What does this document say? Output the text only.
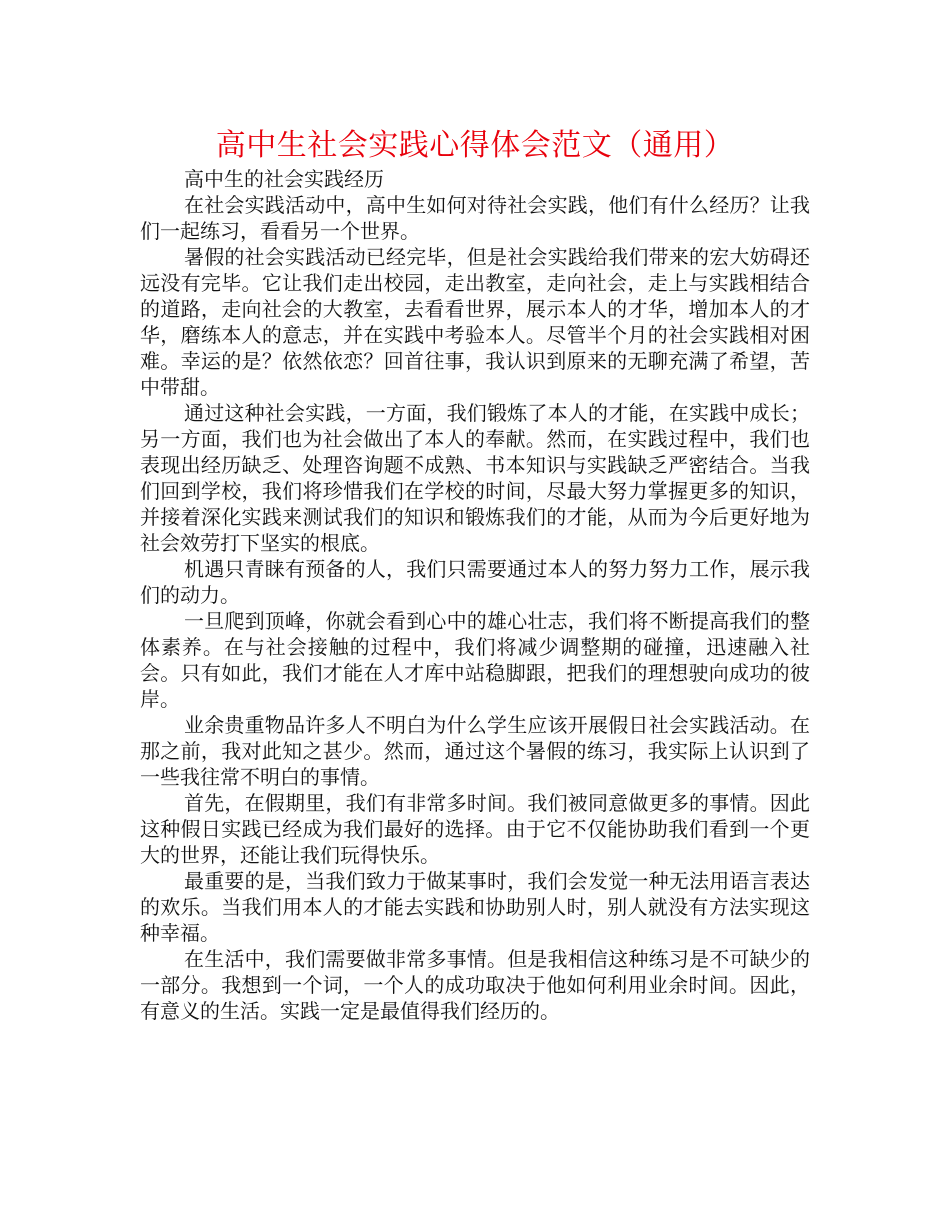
高中生社会实践心得体会范文（通用）

高中生的社会实践经历

在社会实践活动中，高中生如何对待社会实践，他们有什么经历？让我们一起练习，看看另一个世界。

暑假的社会实践活动已经完毕，但是社会实践给我们带来的宏大妨碍还远没有完毕。它让我们走出校园，走出教室，走向社会，走上与实践相结合的道路，走向社会的大教室，去看看世界，展示本人的才华，增加本人的才华，磨练本人的意志，并在实践中考验本人。尽管半个月的社会实践相对困难。幸运的是？依然依恋？回首往事，我认识到原来的无聊充满了希望，苦中带甜。

通过这种社会实践，一方面，我们锻炼了本人的才能，在实践中成长；另一方面，我们也为社会做出了本人的奉献。然而，在实践过程中，我们也表现出经历缺乏、处理咨询题不成熟、书本知识与实践缺乏严密结合。当我们回到学校，我们将珍惜我们在学校的时间，尽最大努力掌握更多的知识，并接着深化实践来测试我们的知识和锻炼我们的才能，从而为今后更好地为社会效劳打下坚实的根底。

机遇只青睐有预备的人，我们只需要通过本人的努力努力工作，展示我们的动力。

一旦爬到顶峰，你就会看到心中的雄心壮志，我们将不断提高我们的整体素养。在与社会接触的过程中，我们将减少调整期的碰撞，迅速融入社会。只有如此，我们才能在人才库中站稳脚跟，把我们的理想驶向成功的彼岸。

业余贵重物品许多人不明白为什么学生应该开展假日社会实践活动。在那之前，我对此知之甚少。然而，通过这个暑假的练习，我实际上认识到了一些我往常不明白的事情。

首先，在假期里，我们有非常多时间。我们被同意做更多的事情。因此这种假日实践已经成为我们最好的选择。由于它不仅能协助我们看到一个更大的世界，还能让我们玩得快乐。

最重要的是，当我们致力于做某事时，我们会发觉一种无法用语言表达的欢乐。当我们用本人的才能去实践和协助别人时，别人就没有方法实现这种幸福。

在生活中，我们需要做非常多事情。但是我相信这种练习是不可缺少的一部分。我想到一个词，一个人的成功取决于他如何利用业余时间。因此，有意义的生活。实践一定是最值得我们经历的。
